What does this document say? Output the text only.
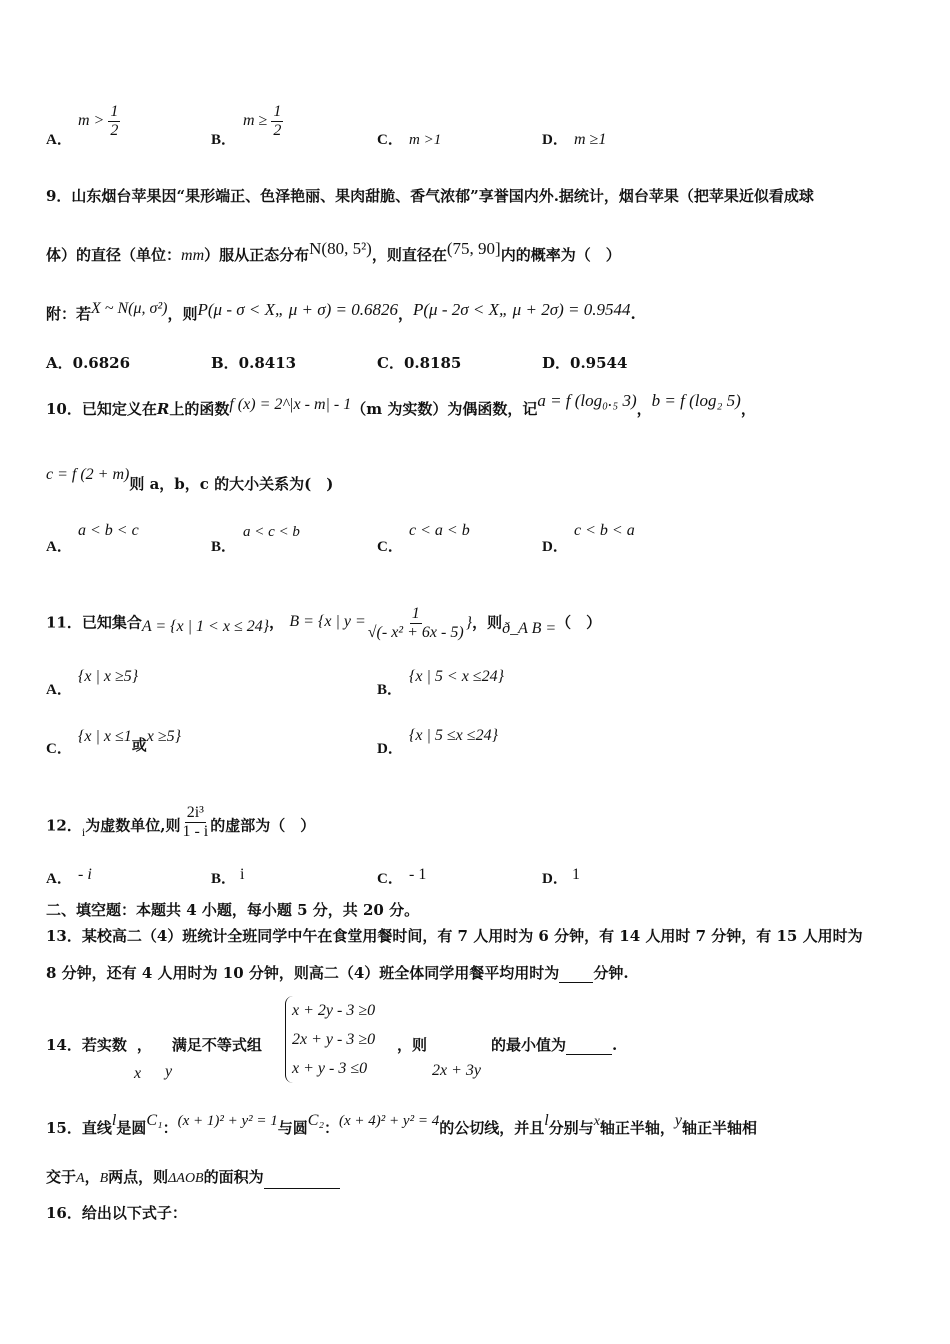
A．
$m > \frac{1}{2}$	B．
$m \ge \frac{1}{2}$	C． m >1	D． m ≥1
9．山东烟台苹果因“果形端正、色泽艳丽、果肉甜脆、香气浓郁”享誉国内外.据统计，烟台苹果（把苹果近似看成球
体）的直径（单位：mm）服从正态分布N(80, 5²)，则直径在(75, 90]内的概率为（　）
附：若X ~ N(μ, σ²)，则P(μ - σ < X„ μ + σ) = 0.6826，P(μ - 2σ < X„ μ + 2σ) = 0.9544.
A．0.6826	B．0.8413	C．0.8185	D．0.9544
10．已知定义在R上的函数f (x) = 2^|x - m| - 1（m 为实数）为偶函数，记a = f (log₀.₅ 3)，b = f (log₂ 5)，
c = f (2 + m)则 a，b，c 的大小关系为(　)
A．
a < b < c
B．
a < c < b
C．
c < a < b
D．
c < b < a
11．已知集合A = {x | 1 < x ≤ 24}， B = {x | $y = \frac{1}{\text{√(- x² + 6x - 5)}}$ }，则ð_A B =（　）
A．
{x | x ≥5}
B．
{x | 5 < x ≤24}
C．
{x | x ≤1或x ≥5}
D．
{x | 5 ≤x ≤24}
12．$_i$为虚数单位,则 $\frac{\text{2i³}}{1 - i}$ 的虚部为（　）
A． - i	B． i	C． - 1	D． 1
二、填空题：本题共 4 小题，每小题 5 分，共 20 分。
13．某校高二（4）班统计全班同学中午在食堂用餐时间，有 7 人用时为 6 分钟，有 14 人用时 7 分钟，有 15 人用时为
8 分钟，还有 4 人用时为 10 分钟，则高二（4）班全体同学用餐平均用时为 分钟.
14．若实数 ， 满足不等式组
x y
x + 2y - 3 ≥0
2x + y - 3 ≥0
x + y - 3 ≤0
，则
2x + 3y
的最小值为	.
15．直线l是圆C₁：(x + 1)² + y² = 1与圆C₂：(x + 4)² + y² = 4的公切线，并且l分别与x轴正半轴，y轴正半轴相
交于A，B两点，则ΔAOB的面积为
16．给出以下式子：
